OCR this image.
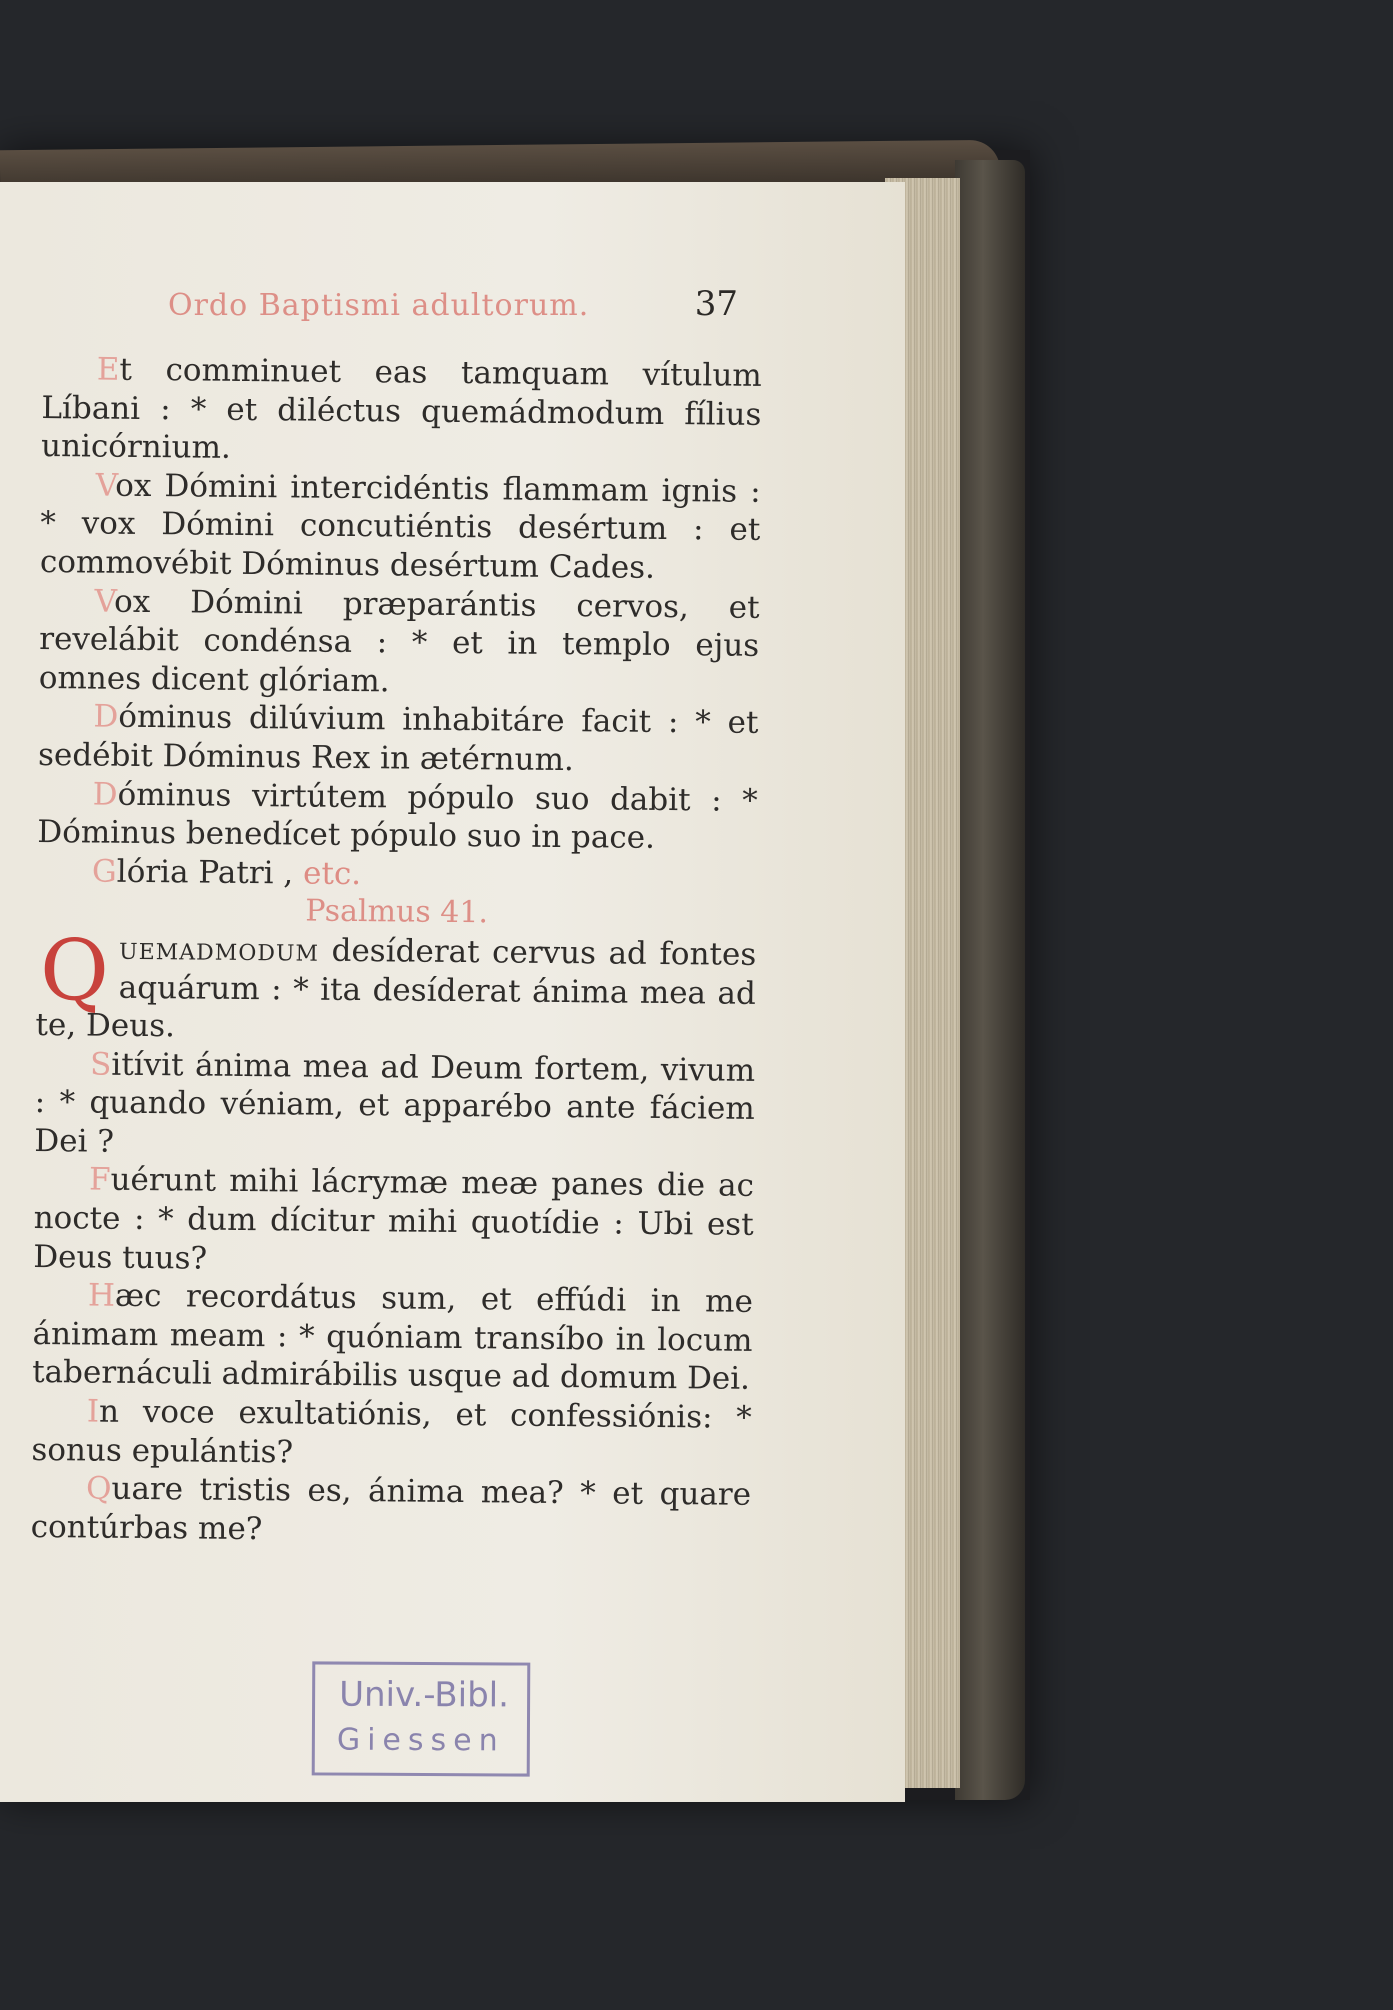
Ordo Baptismi adultorum.	37

Et comminuet eas tamquam vítulum Líbani : * et diléctus quemádmodum fílius unicórnium.

Vox Dómini intercidéntis flammam ignis : * vox Dómini concutiéntis desértum : et commovébit Dóminus desértum Cades.

Vox Dómini præparántis cervos, et revelábit condénsa : * et in templo ejus omnes dicent glóriam.

Dóminus dilúvium inhabitáre facit : * et sedébit Dóminus Rex in ætérnum.

Dóminus virtútem pópulo suo dabit : * Dóminus benedícet pópulo suo in pace.

Glória Patri , etc.

Psalmus 41.

Quemadmodum desíderat cervus ad fontes aquárum : * ita desíderat ánima mea ad te, Deus.

Sitívit ánima mea ad Deum fortem, vivum : * quando véniam, et apparébo ante fáciem Dei ?

Fuérunt mihi lácrymæ meæ panes die ac nocte : * dum dícitur mihi quotídie : Ubi est Deus tuus?

Hæc recordátus sum, et effúdi in me ánimam meam : * quóniam transíbo in locum tabernáculi admirábilis usque ad domum Dei.

In voce exultatiónis, et confessiónis: * sonus epulántis?

Quare tristis es, ánima mea? * et quare contúrbas me?

Univ.-Bibl.
Giessen
